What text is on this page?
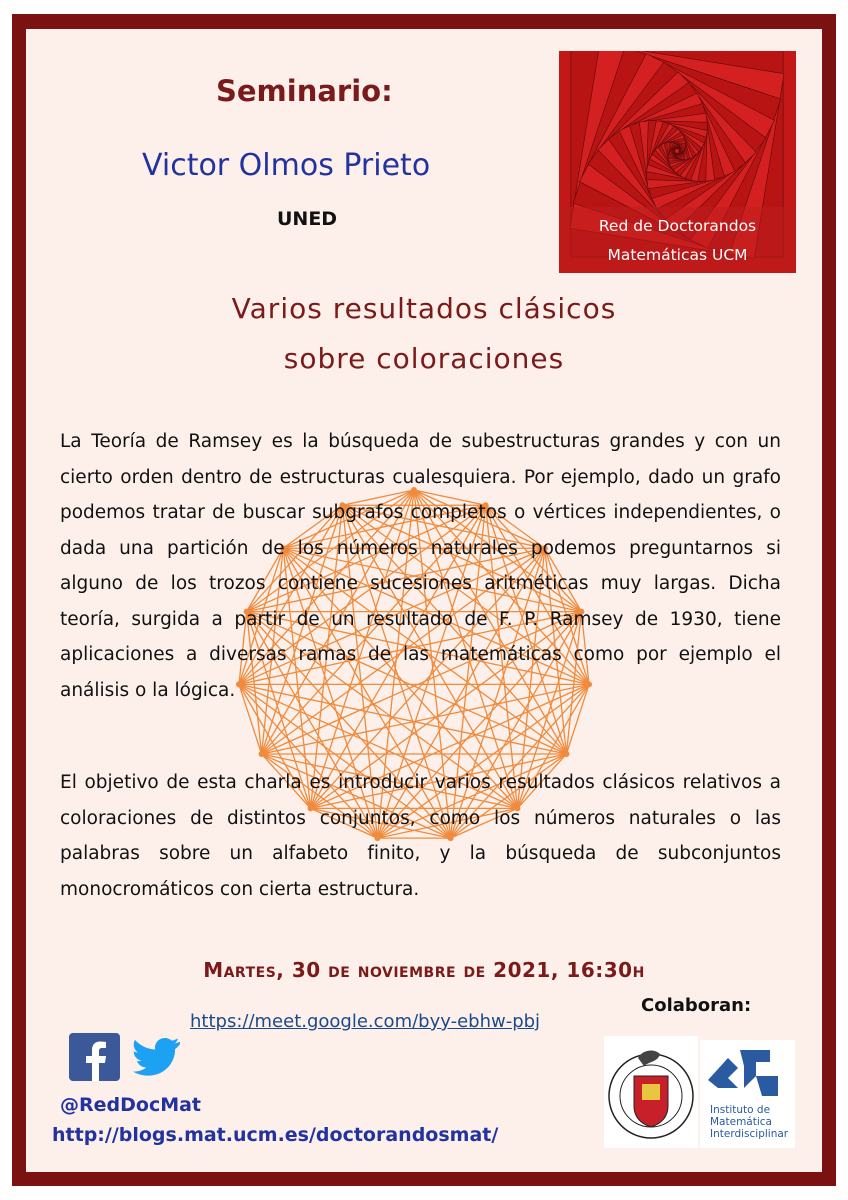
Seminario:
Victor Olmos Prieto
UNED	Red de Doctorandos
Matemáticas UCM
Varios resultados clásicos
sobre coloraciones

La Teoría de Ramsey es la búsqueda de subestructuras grandes y con un cierto orden dentro de estructuras cualesquiera. Por ejemplo, dado un grafo podemos tratar de buscar subgrafos completos o vértices independientes, o dada una partición de los números naturales podemos preguntarnos si alguno de los trozos contiene sucesiones aritméticas muy largas. Dicha teoría, surgida a partir de un resultado de F. P. Ramsey de 1930, tiene aplicaciones a diversas ramas de las matemáticas como por ejemplo el análisis o la lógica.

El objetivo de esta charla es introducir varios resultados clásicos relativos a coloraciones de distintos conjuntos, como los números naturales o las palabras sobre un alfabeto finito, y la búsqueda de subconjuntos monocromáticos con cierta estructura.

Martes, 30 de noviembre de 2021, 16:30h
https://meet.google.com/byy-ebhw-pbj
Colaboran:
@RedDocMat
http://blogs.mat.ucm.es/doctorandosmat/
Instituto de
Matemática
Interdisciplinar
